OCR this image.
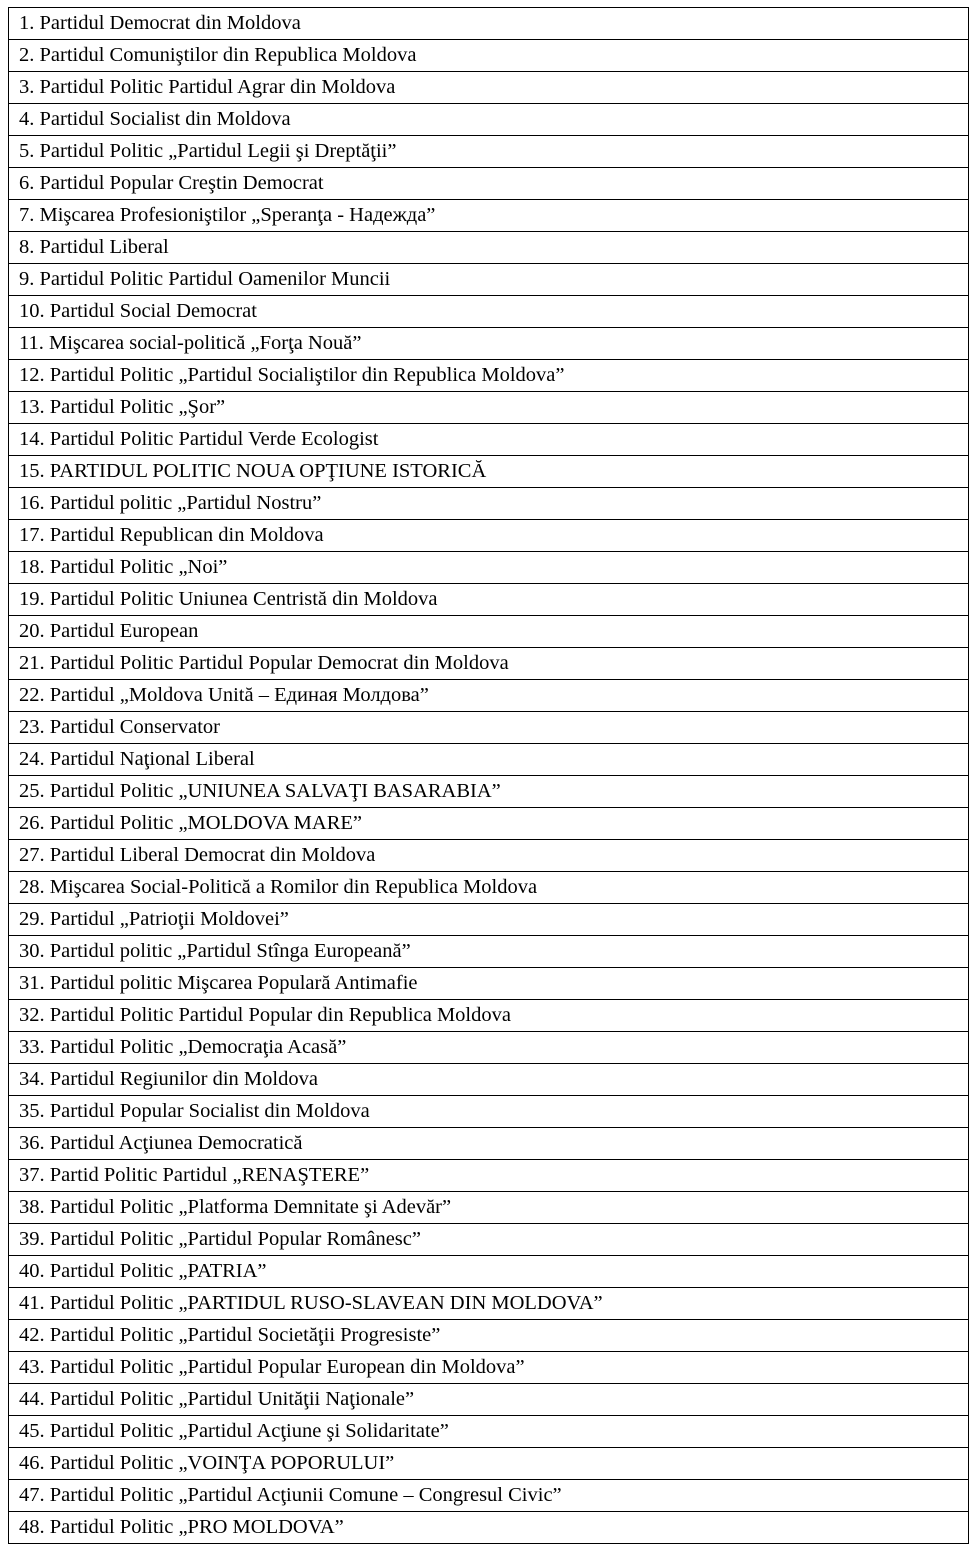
1. Partidul Democrat din Moldova
2. Partidul Comuniştilor din Republica Moldova
3. Partidul Politic Partidul Agrar din Moldova
4. Partidul Socialist din Moldova
5. Partidul Politic „Partidul Legii şi Dreptăţii”
6. Partidul Popular Creştin Democrat
7. Mişcarea Profesioniştilor „Speranţa - Надежда”
8. Partidul Liberal
9. Partidul Politic Partidul Oamenilor Muncii
10. Partidul Social Democrat
11. Mişcarea social-politică „Forţa Nouă”
12. Partidul Politic „Partidul Socialiştilor din Republica Moldova”
13. Partidul Politic „Şor”
14. Partidul Politic Partidul Verde Ecologist
15. PARTIDUL POLITIC NOUA OPŢIUNE ISTORICĂ
16. Partidul politic „Partidul Nostru”
17. Partidul Republican din Moldova
18. Partidul Politic „Noi”
19. Partidul Politic Uniunea Centristă din Moldova
20. Partidul European
21. Partidul Politic Partidul Popular Democrat din Moldova
22. Partidul „Moldova Unită – Единая Молдова”
23. Partidul Conservator
24. Partidul Naţional Liberal
25. Partidul Politic „UNIUNEA SALVAŢI BASARABIA”
26. Partidul Politic „MOLDOVA MARE”
27. Partidul Liberal Democrat din Moldova
28. Mişcarea Social-Politică a Romilor din Republica Moldova
29. Partidul „Patrioţii Moldovei”
30. Partidul politic „Partidul Stînga Europeană”
31. Partidul politic Mişcarea Populară Antimafie
32. Partidul Politic Partidul Popular din Republica Moldova
33. Partidul Politic „Democraţia Acasă”
34. Partidul Regiunilor din Moldova
35. Partidul Popular Socialist din Moldova
36. Partidul Acţiunea Democratică
37. Partid Politic Partidul „RENAŞTERE”
38. Partidul Politic „Platforma Demnitate şi Adevăr”
39. Partidul Politic „Partidul Popular Românesc”
40. Partidul Politic „PATRIA”
41. Partidul Politic „PARTIDUL RUSO-SLAVEAN DIN MOLDOVA”
42. Partidul Politic „Partidul Societăţii Progresiste”
43. Partidul Politic „Partidul Popular European din Moldova”
44. Partidul Politic „Partidul Unităţii Naţionale”
45. Partidul Politic „Partidul Acţiune şi Solidaritate”
46. Partidul Politic „VOINŢA POPORULUI”
47. Partidul Politic „Partidul Acţiunii Comune – Congresul Civic”
48. Partidul Politic „PRO MOLDOVA”
